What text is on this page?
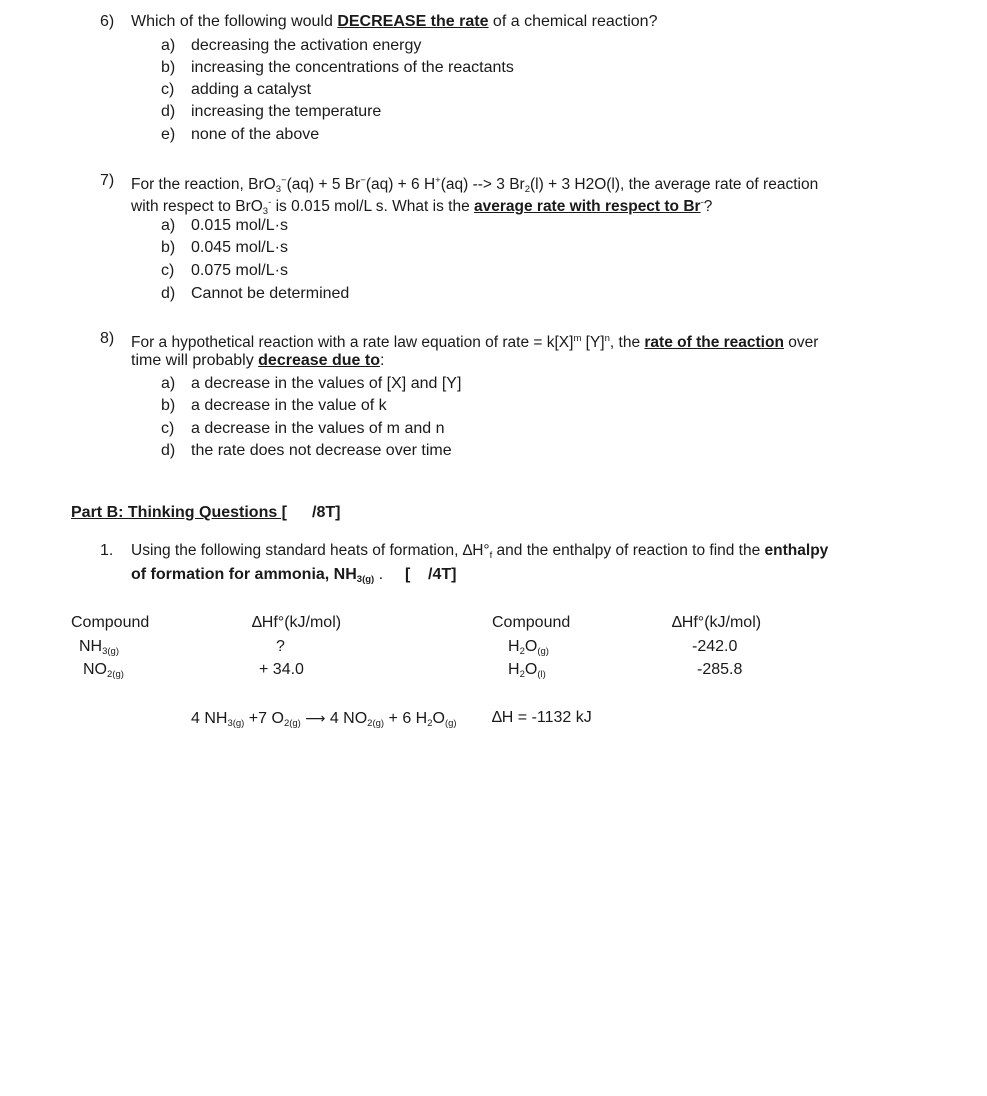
6) Which of the following would DECREASE the rate of a chemical reaction?
a) decreasing the activation energy
b) increasing the concentrations of the reactants
c) adding a catalyst
d) increasing the temperature
e) none of the above
7) For the reaction, BrO$_3$−(aq) + 5 Br−(aq) + 6 H+(aq) --> 3 $Br_2(l) + 3$ H2O(l), the average rate of reaction
with respect to BrO$_3$- is 0.015 mol/L s. What is the average rate with respect to Br-?
a) 0.015 mol/L·s
b) 0.045 mol/L·s
c) 0.075 mol/L·s
d) Cannot be determined
8) For a hypothetical reaction with a rate law equation of rate = $k[X]^m$ $[Y]^n$, the rate of the reaction over
time will probably decrease due to:
a) a decrease in the values of [X] and [Y]
b) a decrease in the value of k
c) a decrease in the values of m and n
d) the rate does not decrease over time
Part B: Thinking Questions [ /8T]
1. Using the following standard heats of formation, $\Delta H^\circ_f$ and the enthalpy of reaction to find the enthalpy
of formation for ammonia, $NH_{3(g)}$ . [ /4T]
Compound	∆Hf°(kJ/mol)
$NH_{3(g)}$	?
$NO_{2(g)}$	+ 34.0
Compound	∆Hf°(kJ/mol)
$H_2O_{(g)}$	-242.0
$H_2O_{(l)}$	-285.8
4 $NH_{3(g)} +7$ $O_{2(g)}$ ⟶ 4 $NO_{2(g)} + 6$ $H_2O_{(g)}$ ∆H = -1132 kJ
